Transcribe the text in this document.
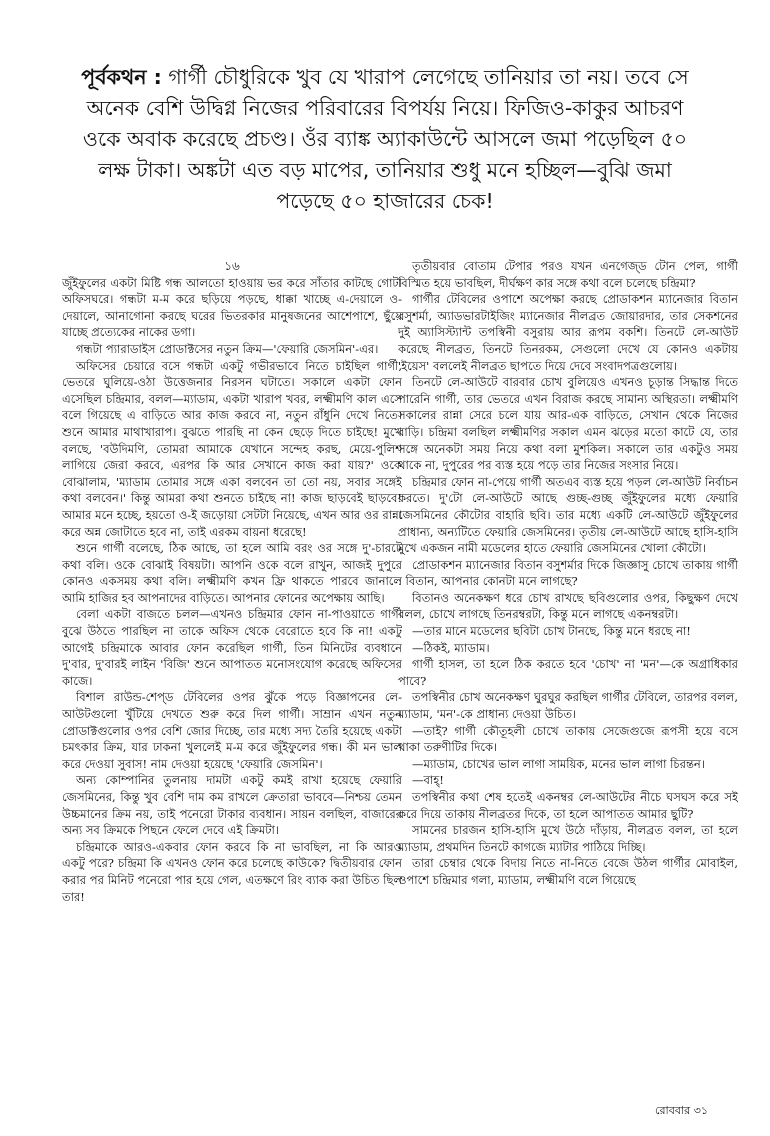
পূর্বকথন : গার্গী চৌধুরিকে খুব যে খারাপ লেগেছে তানিয়ার তা নয়। তবে সে অনেক বেশি উদ্বিগ্ন নিজের পরিবারের বিপর্যয় নিয়ে। ফিজিও-কাকুর আচরণ ওকে অবাক করেছে প্রচণ্ড। ওঁর ব্যাঙ্ক অ্যাকাউন্টে আসলে জমা পড়েছিল ৫০ লক্ষ টাকা। অঙ্কটা এত বড় মাপের, তানিয়ার শুধু মনে হচ্ছিল—বুঝি জমা পড়েছে ৫০ হাজারের চেক!

১৬

জুঁইফুলের একটা মিষ্টি গন্ধ আলতো হাওয়ায় ভর করে সাঁতার কাটছে গোটা অফিসঘরে। গন্ধটা ম-ম করে ছড়িয়ে পড়ছে, ধাক্কা খাচ্ছে এ-দেয়ালে ও-দেয়ালে, আনাগোনা করছে ঘরের ভিতরকার মানুষজনের আশেপাশে, ছুঁয়ে যাচ্ছে প্রত্যেকের নাকের ডগা।

গন্ধটা প্যারাডাইস প্রোডাক্টসের নতুন ক্রিম—'ফেয়ারি জেসমিন'-এর।

অফিসের চেয়ারে বসে গন্ধটা একটু গভীরভাবে নিতে চাইছিল গার্গী, ভেতরে ঘুলিয়ে-ওঠা উত্তেজনার নিরসন ঘটাতে। সকালে একটা ফোন এসেছিল চন্দ্রিমার, বলল—ম্যাডাম, একটা খারাপ খবর, লক্ষ্মীমণি কাল এসে বলে গিয়েছে এ বাড়িতে আর কাজ করবে না, নতুন রাঁধুনি দেখে নিতে। শুনে আমার মাথাখারাপ। বুঝতে পারছি না কেন ছেড়ে দিতে চাইছে! মুখে বলছে, 'বউদিমণি, তোমরা আমাকে যেখানে সন্দেহ করছ, মেয়ে-পুলিশ লাগিয়ে জেরা করবে, এরপর কি আর সেখানে কাজ করা যায়?' ওকে বোঝালাম, 'ম্যাডাম তোমার সঙ্গে একা বলবেন তা তো নয়, সবার সঙ্গেই কথা বলবেন।' কিন্তু আমরা কথা শুনতে চাইছে না! কাজ ছাড়বেই ছাড়বে! আমার মনে হচ্ছে, হয়তো ও-ই জড়োয়া সেটটা নিয়েছে, এখন আর ওর রান্না করে অন্ন জোটাতে হবে না, তাই এরকম বায়না ধরেছে!

শুনে গার্গী বলেছে, ঠিক আছে, তা হলে আমি বরং ওর সঙ্গে দু'-চারটে কথা বলি। ওকে বোঝাই বিষয়টা। আপনি ওকে বলে রাখুন, আজই দুপুরে কোনও একসময় কথা বলি। লক্ষ্মীমণি কখন ফ্রি থাকতে পারবে জানালে আমি হাজির হব আপনাদের বাড়িতে। আপনার ফোনের অপেক্ষায় আছি।

বেলা একটা বাজতে চলল—এখনও চন্দ্রিমার ফোন না-পাওয়াতে গার্গী বুঝে উঠতে পারছিল না তাকে অফিস থেকে বেরোতে হবে কি না! একটু আগেই চন্দ্রিমাকে আবার ফোন করেছিল গার্গী, তিন মিনিটের ব্যবধানে দু'বার, দু'বারই লাইন 'বিজি' শুনে আপাতত মনোসংযোগ করেছে অফিসের কাজে।

বিশাল রাউন্ড-শেপ্ড টেবিলের ওপর ঝুঁকে পড়ে বিজ্ঞাপনের লে-আউটগুলো খুঁটিয়ে দেখতে শুরু করে দিল গার্গী। সাম্রান এখন নতুন প্রোডাক্টগুলোর ওপর বেশি জোর দিচ্ছে, তার মধ্যে সদ্য তৈরি হয়েছে একটা চমৎকার ক্রিম, যার ঢাকনা খুললেই ম-ম করে জুঁইফুলের গন্ধ। কী মন ভাল করে দেওয়া সুবাস! নাম দেওয়া হয়েছে 'ফেয়ারি জেসমিন'।

অন্য কোম্পানির তুলনায় দামটা একটু কমই রাখা হয়েছে ফেয়ারি জেসমিনের, কিন্তু খুব বেশি দাম কম রাখলে ক্রেতারা ভাববে—নিশ্চয় তেমন উচ্চমানের ক্রিম নয়, তাই পনেরো টাকার ব্যবধান। সায়ন বলছিল, বাজারের অন্য সব ক্রিমকে পিছনে ফেলে দেবে এই ক্রিমটা।

চন্দ্রিমাকে আরও-একবার ফোন করবে কি না ভাবছিল, না কি আরও একটু পরে? চন্দ্রিমা কি এখনও ফোন করে চলেছে কাউকে? দ্বিতীয়বার ফোন করার পর মিনিট পনেরো পার হয়ে গেল, এতক্ষণে রিং ব্যাক করা উচিত ছিল তার!

তৃতীয়বার বোতাম টেপার পরও যখন এনগেজ্‌ড টোন পেল, গার্গী বিস্মিত হয়ে ভাবছিল, দীর্ঘক্ষণ কার সঙ্গে কথা বলে চলেছে চন্দ্রিমা?

গার্গীর টেবিলের ওপাশে অপেক্ষা করছে প্রোডাকশন ম্যানেজার বিতান বসুশর্মা, অ্যাডভারটাইজিং ম্যানেজার নীলব্রত জোয়ারদার, তার সেকশনের দুই অ্যাসিস্ট্যান্ট তপস্বিনী বসুরায় আর রূপম বকশি। তিনটে লে-আউট করেছে নীলব্রত, তিনটে তিনরকম, সেগুলো দেখে যে কোনও একটায় 'ইয়েস' বললেই নীলব্রত ছাপতে দিয়ে দেবে সংবাদপত্রগুলোয়।

তিনটে লে-আউটে বারবার চোখ বুলিয়েও এখনও চূড়ান্ত সিদ্ধান্ত দিতে পারেনি গার্গী, তার ভেতরে এখন বিরাজ করছে সামান্য অস্থিরতা। লক্ষ্মীমণি সকালের রান্না সেরে চলে যায় আর-এক বাড়িতে, সেখান থেকে নিজের বাড়ি। চন্দ্রিমা বলছিল লক্ষ্মীমণির সকাল এমন ঝড়ের মতো কাটে যে, তার সঙ্গে অনেকটা সময় নিয়ে কথা বলা মুশকিল। সকালে তার একটুও সময় থাকে না, দুপুরের পর ব্যস্ত হয়ে পড়ে তার নিজের সংসার নিয়ে।

চন্দ্রিমার ফোন না-পেয়ে গার্গী অতএব ব্যস্ত হয়ে পড়ল লে-আউট নির্বাচন করতে। দু'টো লে-আউটে আছে গুচ্ছ-গুচ্ছ জুঁইফুলের মধ্যে ফেয়ারি জেসমিনের কৌটোর বাহারি ছবি। তার মধ্যে একটি লে-আউটে জুঁইফুলের প্রাধান্য, অন্যটিতে ফেয়ারি জেসমিনের। তৃতীয় লে-আউটে আছে হাসি-হাসি মুখে একজন নামী মডেলের হাতে ফেয়ারি জেসমিনের খোলা কৌটো।

প্রোডাকশন ম্যানেজার বিতান বসুশর্মার দিকে জিজ্ঞাসু চোখে তাকায় গার্গী : বিতান, আপনার কোনটা মনে লাগছে?

বিতানও অনেকক্ষণ ধরে চোখ রাখছে ছবিগুলোর ওপর, কিছুক্ষণ দেখে বলল, চোখে লাগছে তিনরম্বরটা, কিন্তু মনে লাগছে একনম্বরটা।

—তার মানে মডেলের ছবিটা চোখ টানছে, কিন্তু মনে ধরছে না!

—ঠিকই, ম্যাডাম।

গার্গী হাসল, তা হলে ঠিক করতে হবে 'চোখ' না 'মন'—কে অগ্রাধিকার পাবে?

তপস্বিনীর চোখ অনেকক্ষণ ঘুরঘুর করছিল গার্গীর টেবিলে, তারপর বলল, ম্যাডাম, 'মন'-কে প্রাধান্য দেওয়া উচিত।

—তাই? গার্গী কৌতূহলী চোখে তাকায় সেজেগুজে রূপসী হয়ে বসে থাকা তরুণীটির দিকে।

—ম্যাডাম, চোখের ভাল লাগা সাময়িক, মনের ভাল লাগা চিরন্তন।

—বাহ্‌!

তপস্বিনীর কথা শেষ হতেই একনম্বর লে-আউটের নীচে ঘসঘস করে সই করে দিয়ে তাকায় নীলব্রতর দিকে, তা হলে আপাতত আমার ছুটি?

সামনের চারজন হাসি-হাসি মুখে উঠে দাঁড়ায়, নীলব্রত বলল, তা হলে ম্যাডাম, প্রথমদিন তিনটে কাগজে ম্যাটার পাঠিয়ে দিচ্ছি।

তারা চেম্বার থেকে বিদায় নিতে না-নিতে বেজে উঠল গার্গীর মোবাইল, ওপাশে চন্দ্রিমার গলা, ম্যাডাম, লক্ষ্মীমণি বলে গিয়েছে

রোববার ৩১
